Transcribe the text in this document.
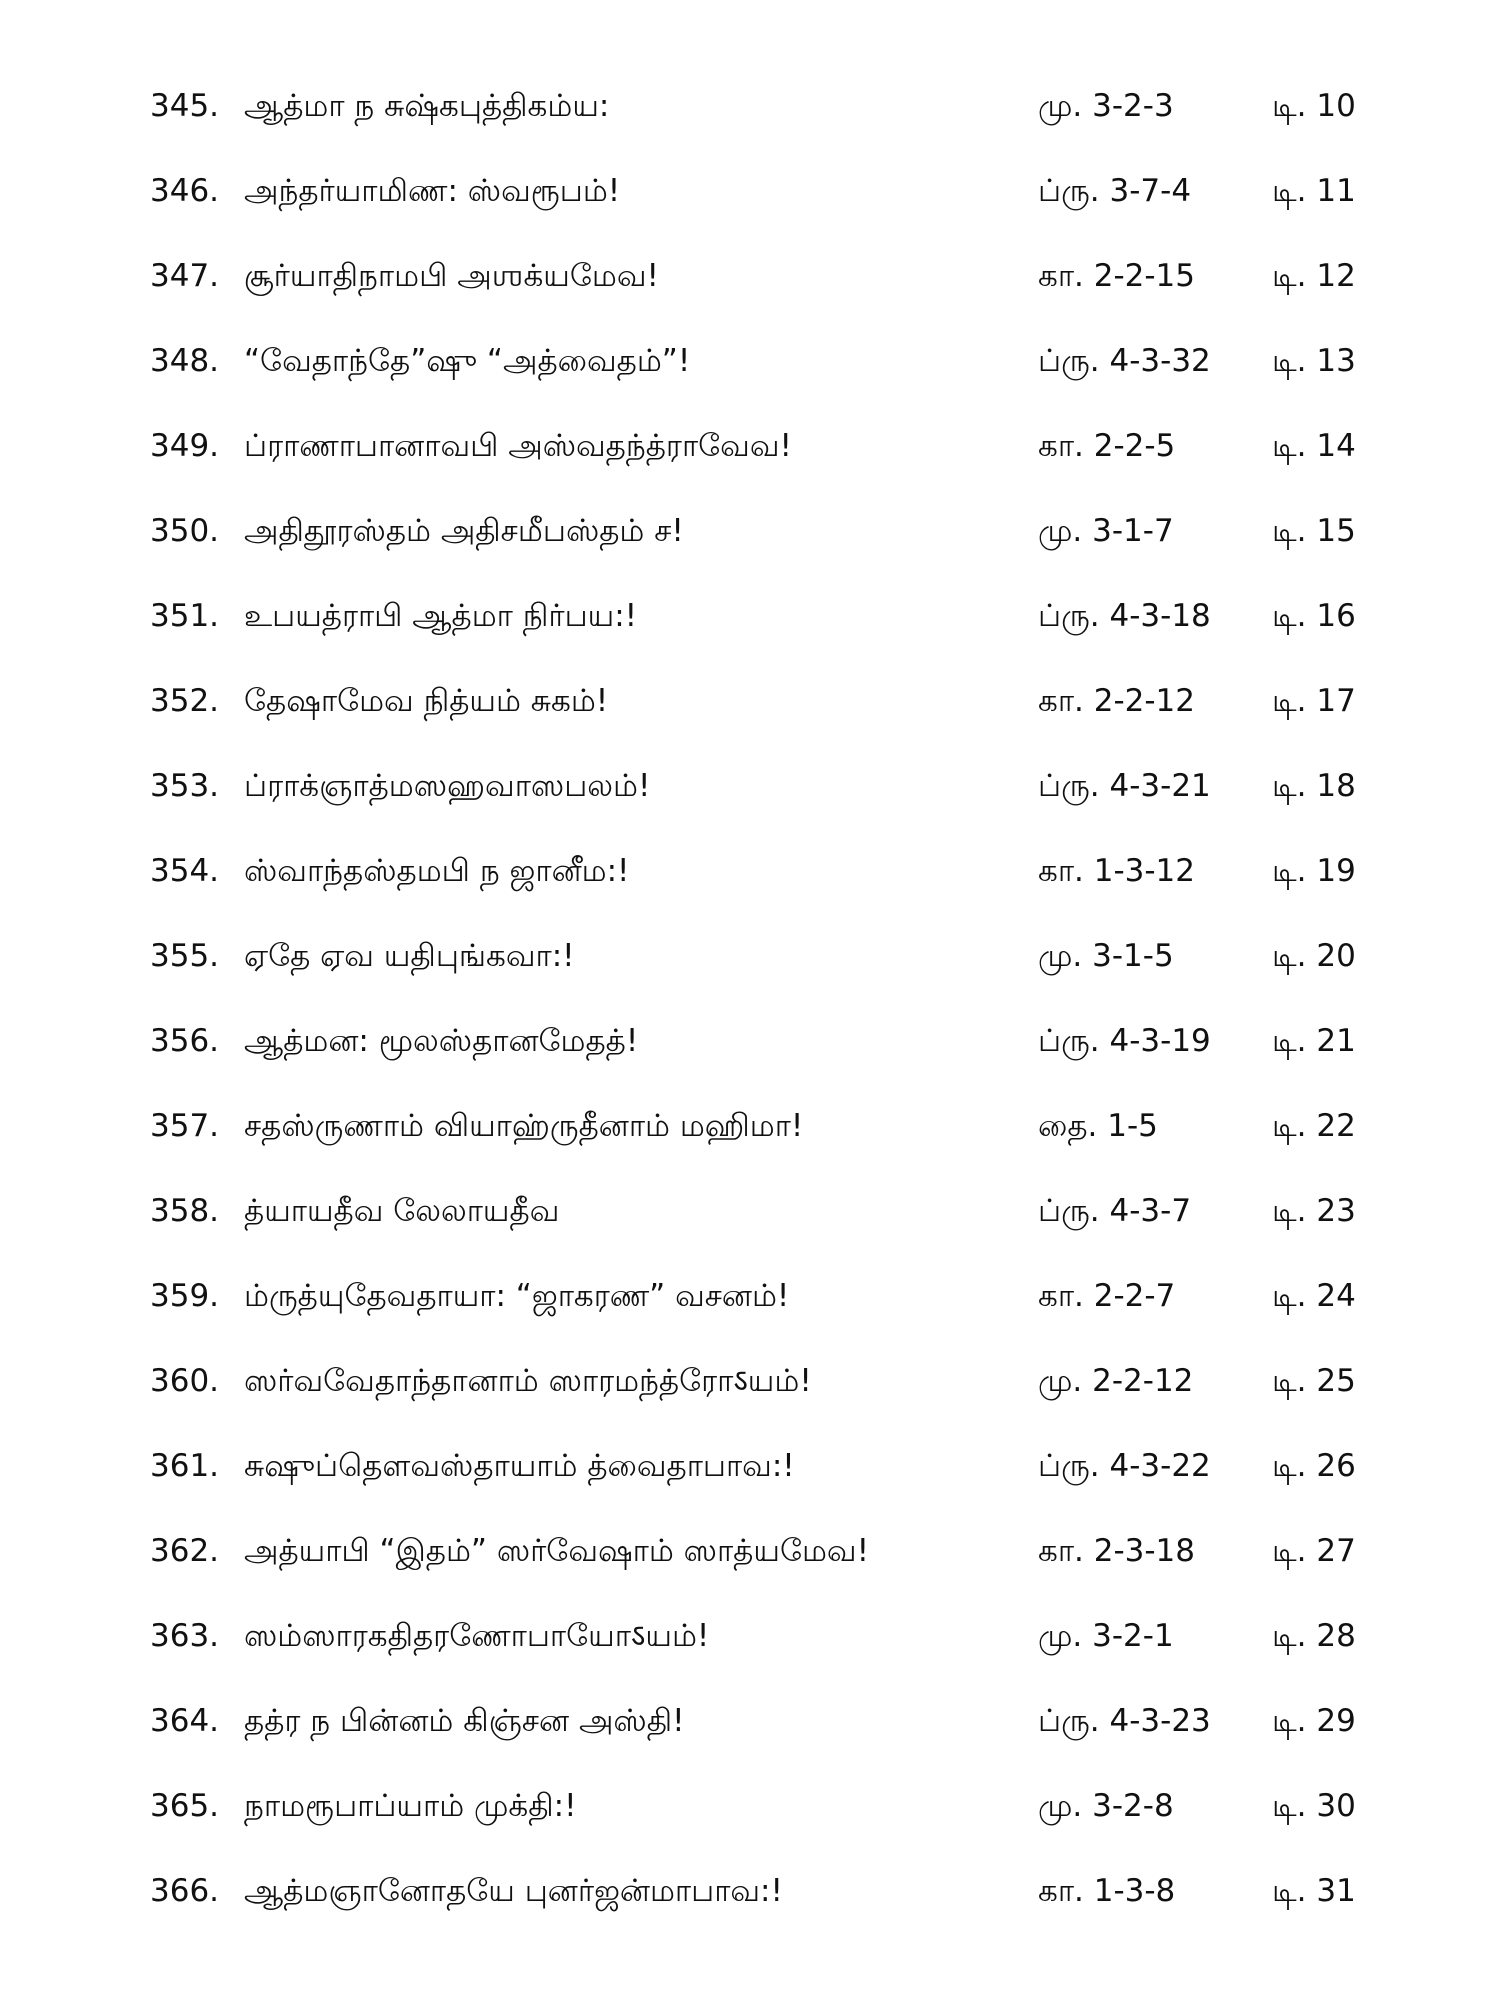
345. ஆத்மா ந சுஷ்கபுத்திகம்ய:	மு. 3-2-3	டி. 10
346. அந்தர்யாமிண: ஸ்வரூபம்!	ப்ரு. 3-7-4	டி. 11
347. சூர்யாதிநாமபி அஶக்யமேவ!	கா. 2-2-15 டி. 12
348. “வேதாந்தே”ஷு “அத்வைதம்”!	ப்ரு. 4-3-32 டி. 13
349. ப்ராணாபானாவபி அஸ்வதந்த்ராவேவ!	கா. 2-2-5	டி. 14
350. அதிதூரஸ்தம் அதிசமீபஸ்தம் ச!	மு. 3-1-7	டி. 15
351. உபயத்ராபி ஆத்மா நிர்பய:!	ப்ரு. 4-3-18 டி. 16
352. தேஷாமேவ நித்யம் சுகம்!	கா. 2-2-12 டி. 17
353. ப்ராக்ஞாத்மஸஹவாஸபலம்!	ப்ரு. 4-3-21 டி. 18
354. ஸ்வாந்தஸ்தமபி ந ஜானீம:!	கா. 1-3-12 டி. 19
355. ஏதே ஏவ யதிபுங்கவா:!	மு. 3-1-5	டி. 20
356. ஆத்மன: மூலஸ்தானமேதத்!	ப்ரு. 4-3-19 டி. 21
357. சதஸ்ருணாம் வியாஹ்ருதீனாம் மஹிமா!	தை. 1-5	டி. 22
358. த்யாயதீவ லேலாயதீவ	ப்ரு. 4-3-7	டி. 23
359. ம்ருத்யுதேவதாயா: “ஜாகரண” வசனம்!	கா. 2-2-7	டி. 24
360. ஸர்வவேதாந்தானாம் ஸாரமந்த்ரோऽயம்!	மு. 2-2-12	டி. 25
361. சுஷுப்தௌவஸ்தாயாம் த்வைதாபாவ:!	ப்ரு. 4-3-22 டி. 26
362. அத்யாபி “இதம்” ஸர்வேஷாம் ஸாத்யமேவ!	கா. 2-3-18 டி. 27
363. ஸம்ஸாரகதிதரணோபாயோऽயம்!	மு. 3-2-1	டி. 28
364. தத்ர ந பின்னம் கிஞ்சன அஸ்தி!	ப்ரு. 4-3-23 டி. 29
365. நாமரூபாப்யாம் முக்தி:!	மு. 3-2-8	டி. 30
366. ஆத்மஞானோதயே புனர்ஜன்மாபாவ:!	கா. 1-3-8	டி. 31
